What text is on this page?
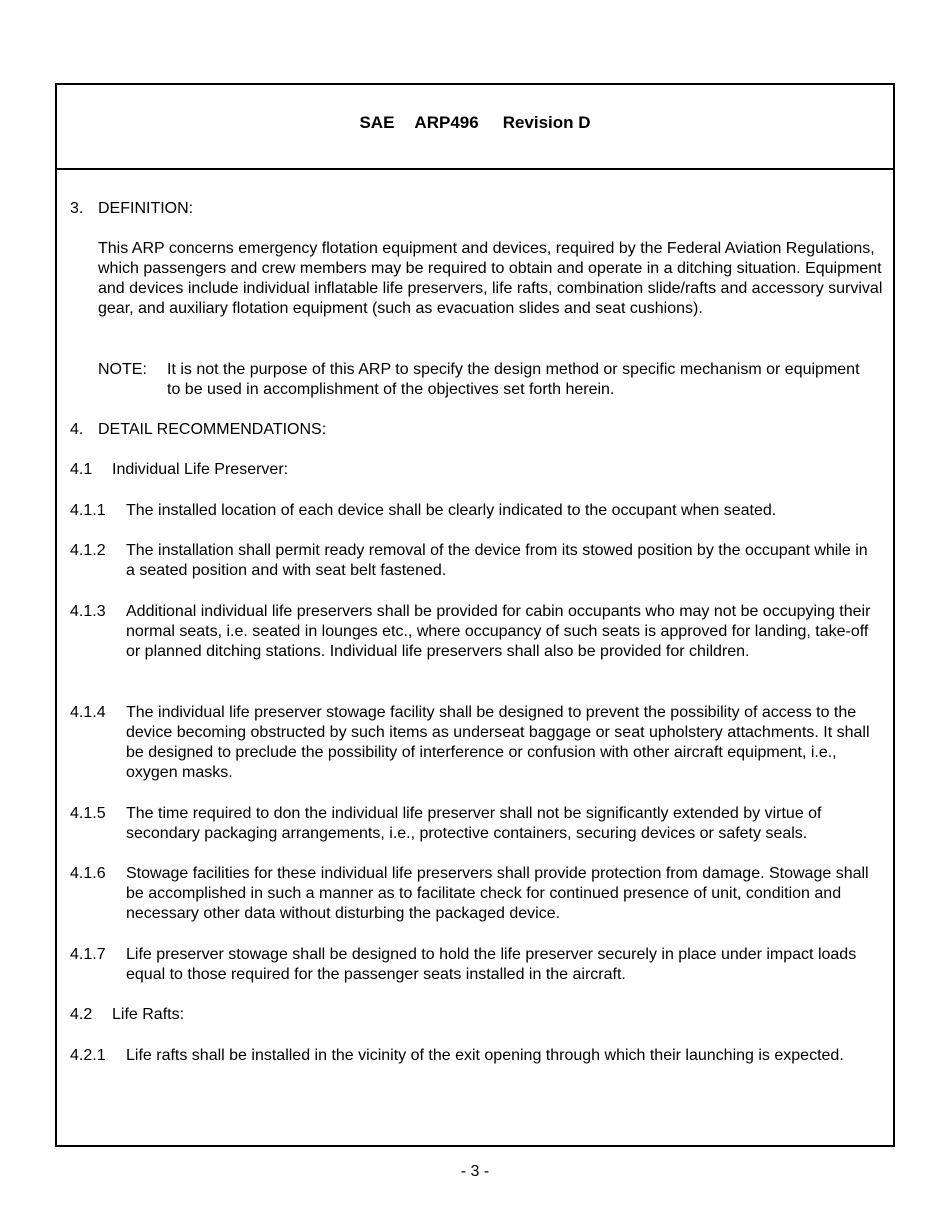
SAE ARP496 Revision D
3. DEFINITION:
This ARP concerns emergency flotation equipment and devices, required by the Federal Aviation Regulations, which passengers and crew members may be required to obtain and operate in a ditching situation. Equipment and devices include individual inflatable life preservers, life rafts, combination slide/rafts and accessory survival gear, and auxiliary flotation equipment (such as evacuation slides and seat cushions).
NOTE: It is not the purpose of this ARP to specify the design method or specific mechanism or equipment to be used in accomplishment of the objectives set forth herein.
4. DETAIL RECOMMENDATIONS:
4.1 Individual Life Preserver:
4.1.1 The installed location of each device shall be clearly indicated to the occupant when seated.
4.1.2 The installation shall permit ready removal of the device from its stowed position by the occupant while in a seated position and with seat belt fastened.
4.1.3 Additional individual life preservers shall be provided for cabin occupants who may not be occupying their normal seats, i.e. seated in lounges etc., where occupancy of such seats is approved for landing, take-off or planned ditching stations. Individual life preservers shall also be provided for children.
4.1.4 The individual life preserver stowage facility shall be designed to prevent the possibility of access to the device becoming obstructed by such items as underseat baggage or seat upholstery attachments. It shall be designed to preclude the possibility of interference or confusion with other aircraft equipment, i.e., oxygen masks.
4.1.5 The time required to don the individual life preserver shall not be significantly extended by virtue of secondary packaging arrangements, i.e., protective containers, securing devices or safety seals.
4.1.6 Stowage facilities for these individual life preservers shall provide protection from damage. Stowage shall be accomplished in such a manner as to facilitate check for continued presence of unit, condition and necessary other data without disturbing the packaged device.
4.1.7 Life preserver stowage shall be designed to hold the life preserver securely in place under impact loads equal to those required for the passenger seats installed in the aircraft.
4.2 Life Rafts:
4.2.1 Life rafts shall be installed in the vicinity of the exit opening through which their launching is expected.
- 3 -
